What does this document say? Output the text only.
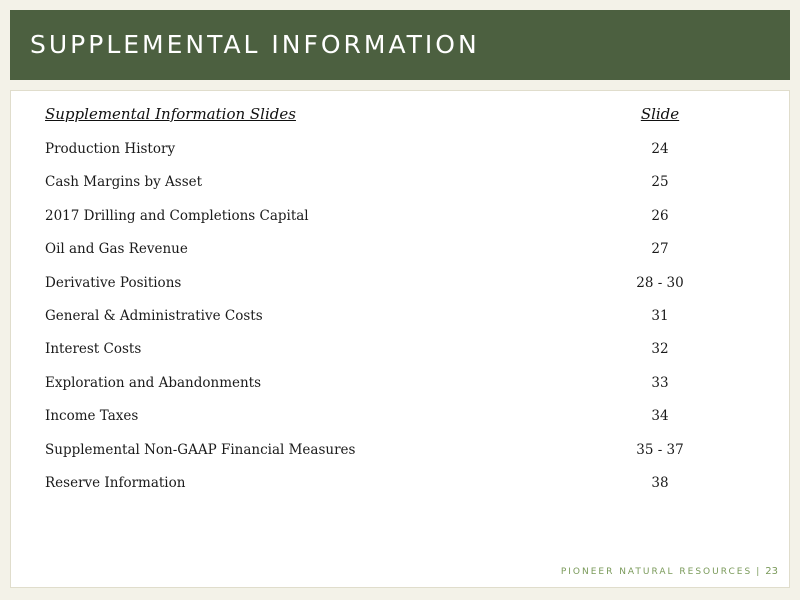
SUPPLEMENTAL INFORMATION
Supplemental Information Slides	Slide
Production History	24
Cash Margins by Asset	25
2017 Drilling and Completions Capital	26
Oil and Gas Revenue	27
Derivative Positions	28 - 30
General & Administrative Costs	31
Interest Costs	32
Exploration and Abandonments	33
Income Taxes	34
Supplemental Non-GAAP Financial Measures	35 - 37
Reserve Information	38
PIONEER NATURAL RESOURCES | 23
